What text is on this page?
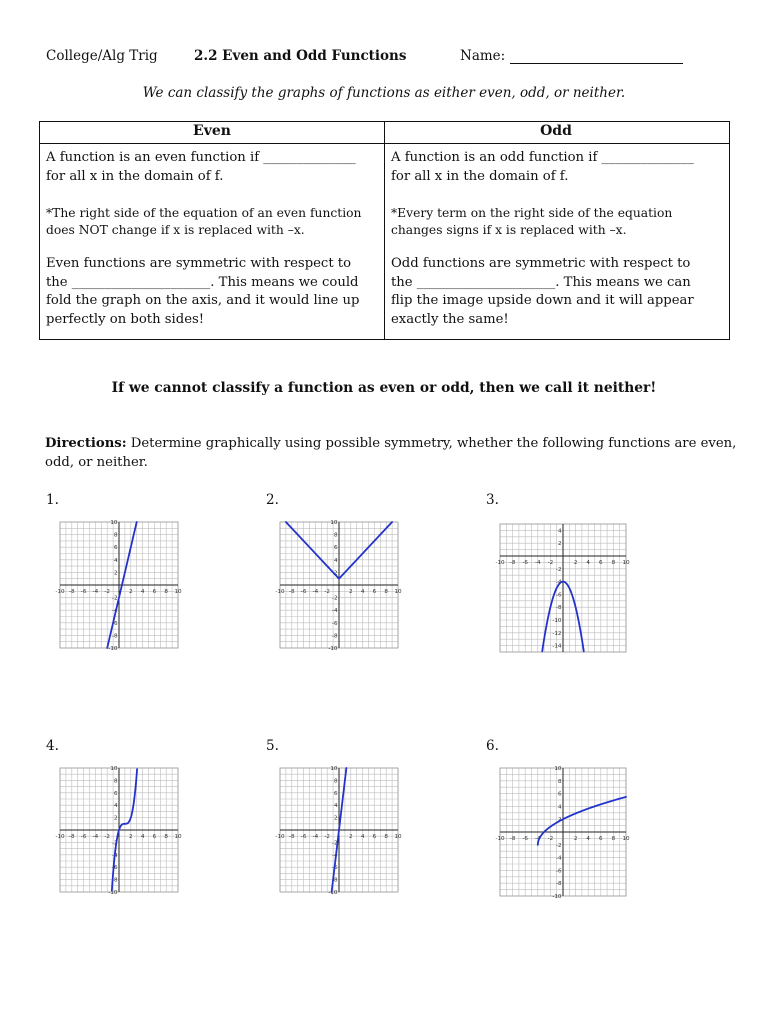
College/Alg Trig	2.2 Even and Odd Functions	Name:
We can classify the graphs of functions as either even, odd, or neither.
Even	Odd
A function is an even function if ______________
for all x in the domain of f.
*The right side of the equation of an even function
does NOT change if x is replaced with –x.
Even functions are symmetric with respect to
the _____________________. This means we could
fold the graph on the axis, and it would line up
perfectly on both sides!
A function is an odd function if ______________
for all x in the domain of f.
*Every term on the right side of the equation
changes signs if x is replaced with –x.
Odd functions are symmetric with respect to
the _____________________. This means we can
flip the image upside down and it will appear
exactly the same!
If we cannot classify a function as even or odd, then we call it neither!
Directions: Determine graphically using possible symmetry, whether the following functions are even, odd, or neither.
1.	2.	3.
4.	5.	6.
-10 -8 -6 -4 -2	2 4 6 8 10
10
8
6
4
2
-2
-4
-6
-8
-10
-10 -8 -6 -4 -2	2 4 6 8 10
10
8
6
4
2
-2
-4
-6
-8
-10
-10 -8 -6 -4 -2	2 4 6 8 10
4
2
-2
-4
-6
-8
-10
-12
-14
-10 -8 -6 -4 -2	2 4 6 8 10
10
8
6
4
2
-2
-4
-6
-8
-10
-10 -8 -6 -4 -2	2 4 6 8 10
10
8
6
4
2
-2
-4
-6
-8
-10
-10 -8 -6 -4 -2	2 4 6 8 10
10
8
6
4
2
-2
-4
-6
-8
-10
